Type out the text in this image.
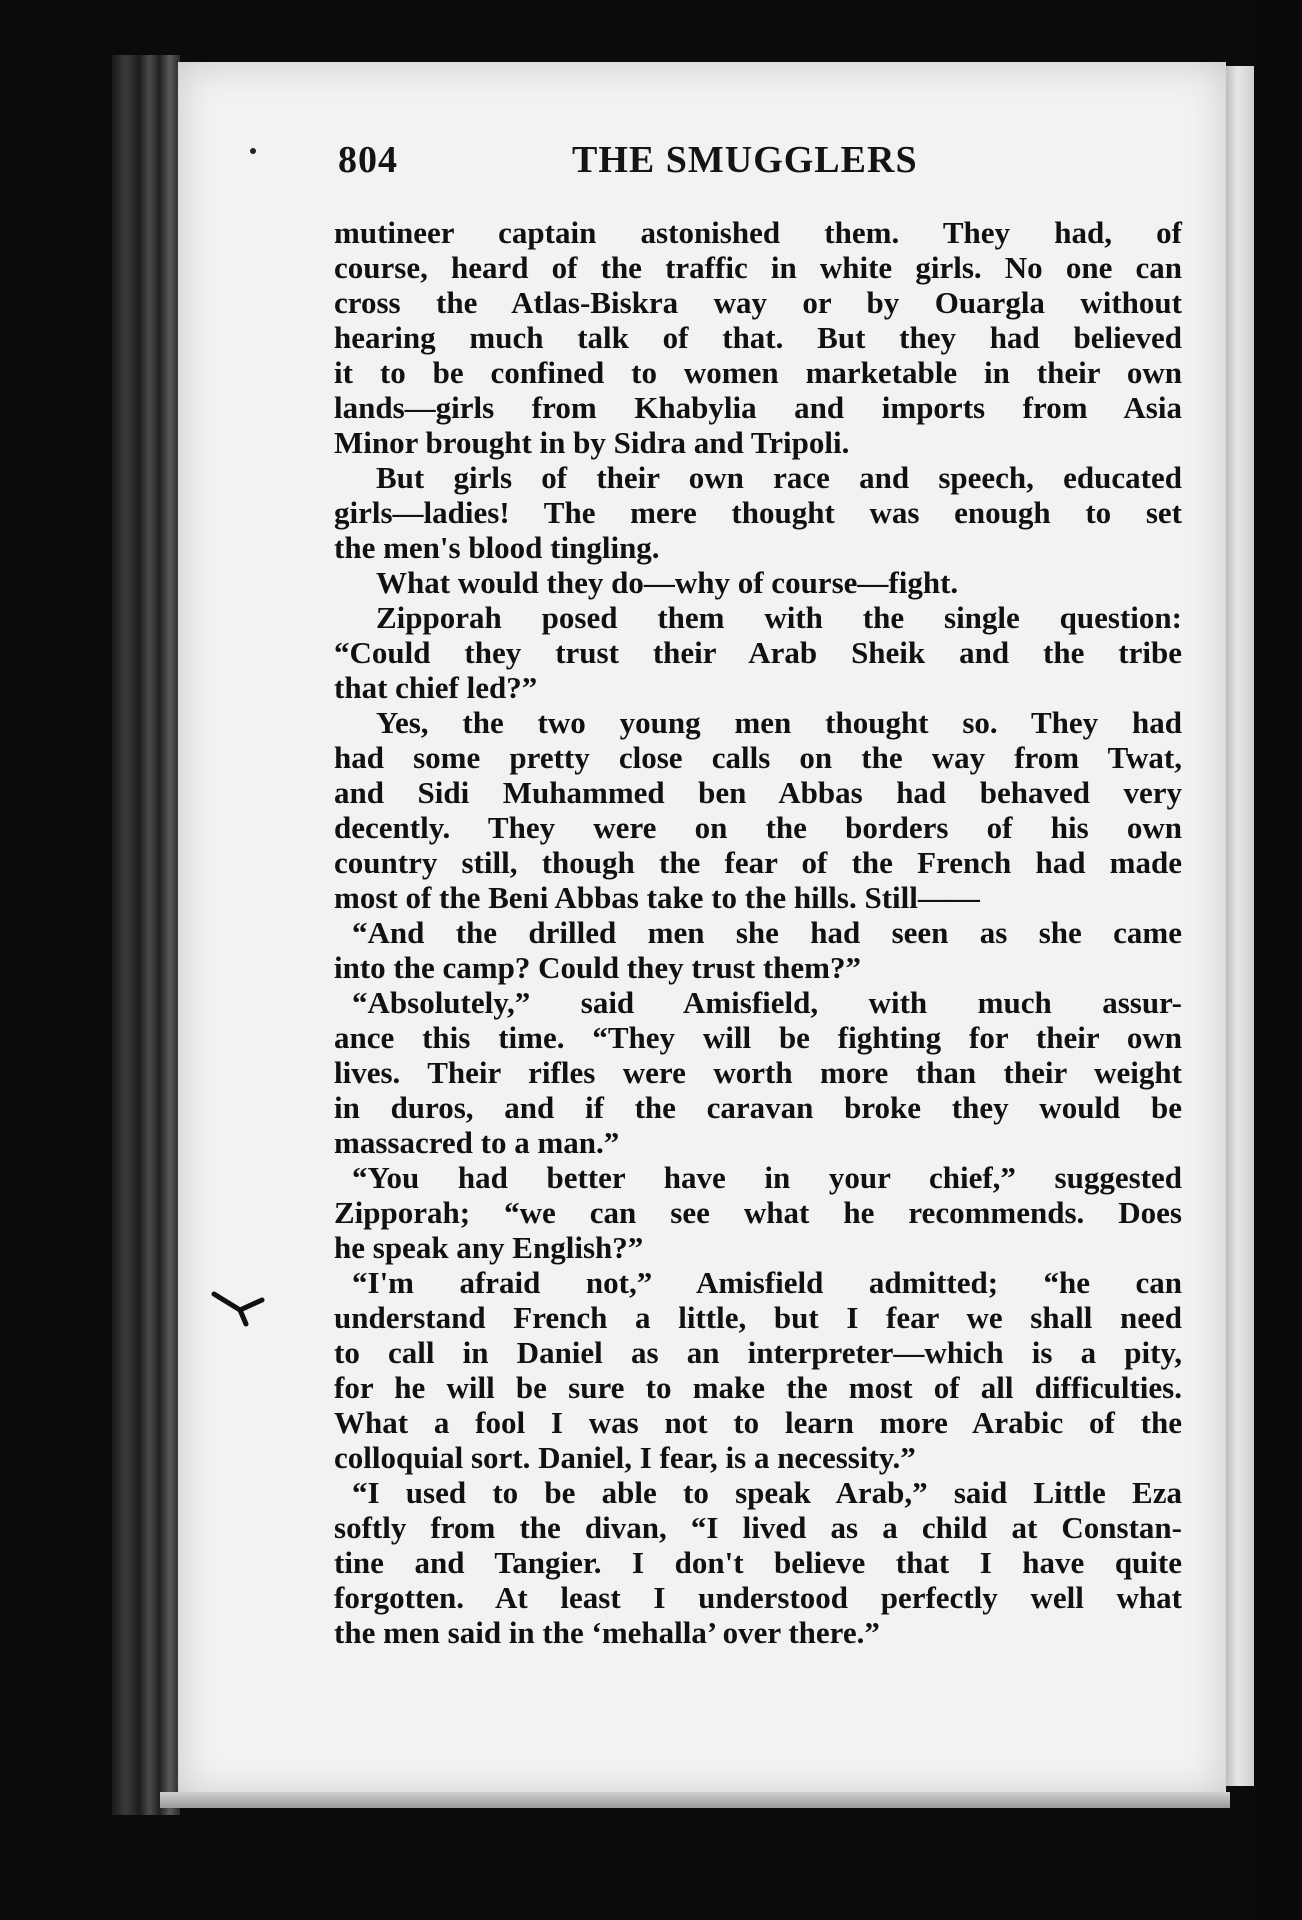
804	THE SMUGGLERS
mutineer captain astonished them. They had, of
course, heard of the traffic in white girls. No one can
cross the Atlas-Biskra way or by Ouargla without
hearing much talk of that. But they had believed
it to be confined to women marketable in their own
lands—girls from Khabylia and imports from Asia
Minor brought in by Sidra and Tripoli.
But girls of their own race and speech, educated
girls—ladies! The mere thought was enough to set
the men's blood tingling.
What would they do—why of course—fight.
Zipporah posed them with the single question:
“Could they trust their Arab Sheik and the tribe
that chief led?”
Yes, the two young men thought so. They had
had some pretty close calls on the way from Twat,
and Sidi Muhammed ben Abbas had behaved very
decently. They were on the borders of his own
country still, though the fear of the French had made
most of the Beni Abbas take to the hills. Still——
“And the drilled men she had seen as she came
into the camp? Could they trust them?”
“Absolutely,” said Amisfield, with much assur-
ance this time. “They will be fighting for their own
lives. Their rifles were worth more than their weight
in duros, and if the caravan broke they would be
massacred to a man.”
“You had better have in your chief,” suggested
Zipporah; “we can see what he recommends. Does
he speak any English?”
“I'm afraid not,” Amisfield admitted; “he can
understand French a little, but I fear we shall need
to call in Daniel as an interpreter—which is a pity,
for he will be sure to make the most of all difficulties.
What a fool I was not to learn more Arabic of the
colloquial sort. Daniel, I fear, is a necessity.”
“I used to be able to speak Arab,” said Little Eza
softly from the divan, “I lived as a child at Constan-
tine and Tangier. I don't believe that I have quite
forgotten. At least I understood perfectly well what
the men said in the ‘mehalla’ over there.”
